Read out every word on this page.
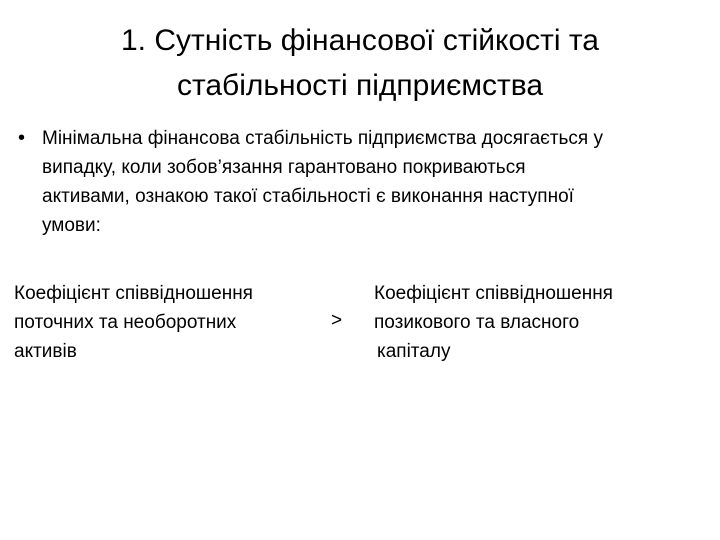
1. Сутність фінансової стійкості та
стабільності підприємства
• Мінімальна фінансова стабільність підприємства досягається у
випадку, коли зобов’язання гарантовано покриваються
активами, ознакою такої стабільності є виконання наступної
умови:
Коефіцієнт співвідношення
поточних та необоротних
активів
>
Коефіцієнт співвідношення
позикового та власного
капіталу
